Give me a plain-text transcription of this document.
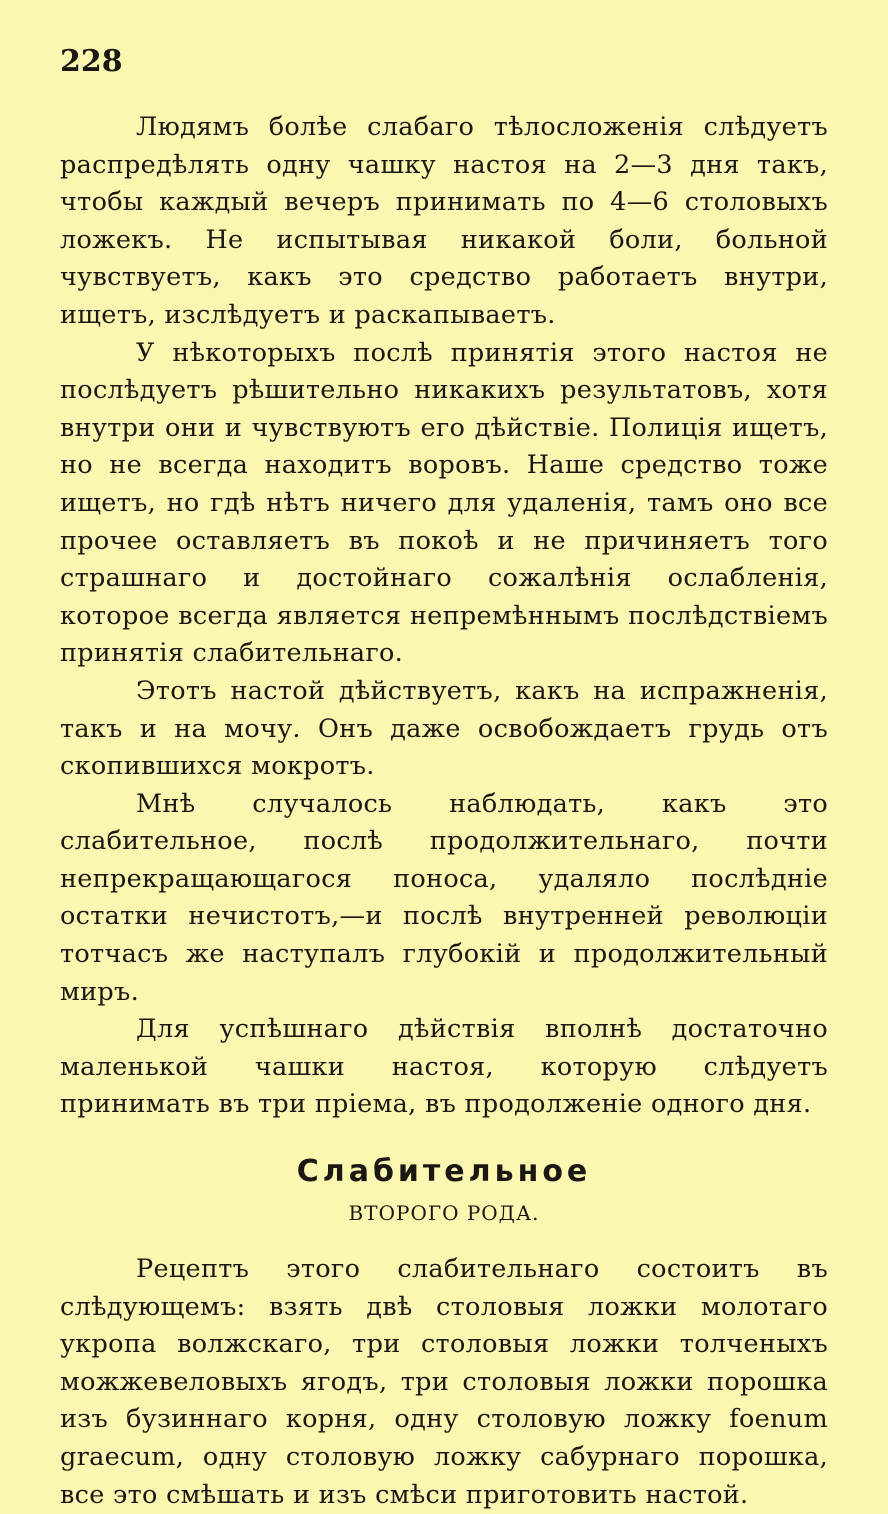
228

Людямъ болѣе слабаго тѣлосложенія слѣдуетъ распредѣлять одну чашку настоя на 2—3 дня такъ, чтобы каждый вечеръ принимать по 4—6 столовыхъ ложекъ. Не испытывая никакой боли, больной чувствуетъ, какъ это средство работаетъ внутри, ищетъ, изслѣдуетъ и раскапываетъ.

У нѣкоторыхъ послѣ принятія этого настоя не послѣдуетъ рѣшительно никакихъ результатовъ, хотя внутри они и чувствуютъ его дѣйствіе. Полиція ищетъ, но не всегда находитъ воровъ. Наше средство тоже ищетъ, но гдѣ нѣтъ ничего для удаленія, тамъ оно все прочее оставляетъ въ покоѣ и не причиняетъ того страшнаго и достойнаго сожалѣнія ослабленія, которое всегда является непремѣннымъ послѣдствіемъ принятія слабительнаго.

Этотъ настой дѣйствуетъ, какъ на испражненія, такъ и на мочу. Онъ даже освобождаетъ грудь отъ скопившихся мокротъ.

Мнѣ случалось наблюдать, какъ это слабительное, послѣ продолжительнаго, почти непрекращающагося поноса, удаляло послѣдніе остатки нечистотъ,—и послѣ внутренней революціи тотчасъ же наступалъ глубокій и продолжительный миръ.

Для успѣшнаго дѣйствія вполнѣ достаточно маленькой чашки настоя, которую слѣдуетъ принимать въ три пріема, въ продолженіе одного дня.

Слабительное
ВТОРОГО РОДА.

Рецептъ этого слабительнаго состоитъ въ слѣдующемъ: взять двѣ столовыя ложки молотаго укропа волжскаго, три столовыя ложки толченыхъ можжевеловыхъ ягодъ, три столовыя ложки порошка изъ бузиннаго корня, одну столовую ложку foenum graecum, одну столовую ложку сабурнаго порошка, все это смѣшать и изъ смѣси приготовить настой.
